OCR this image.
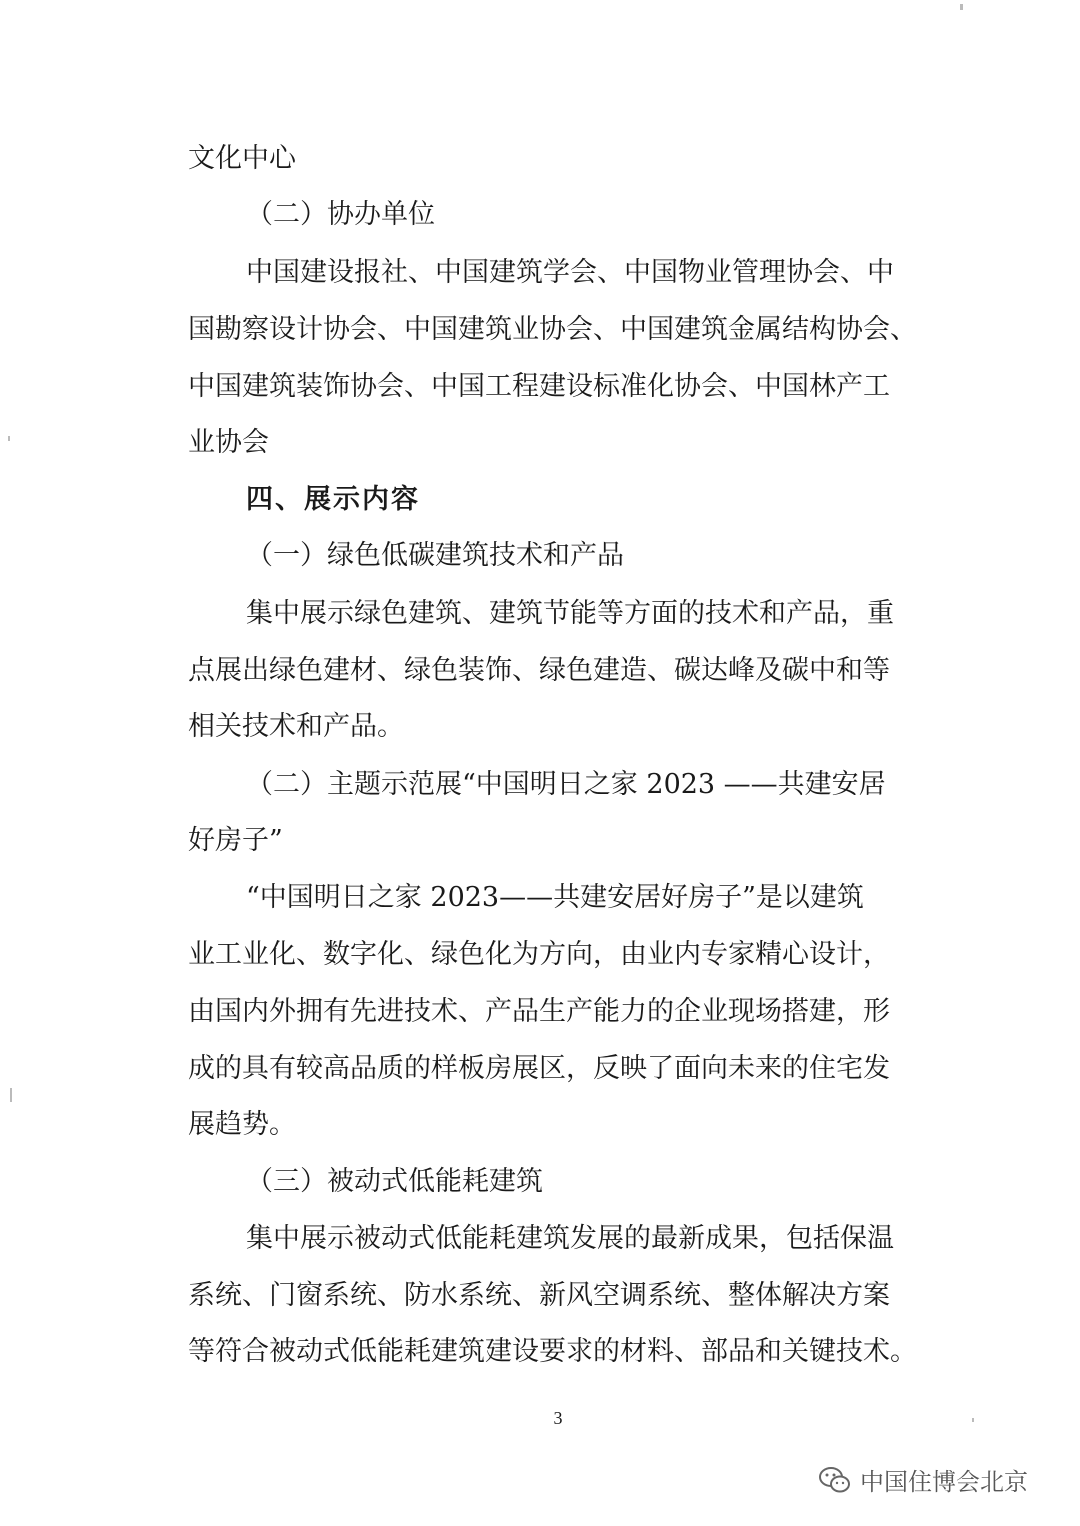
文化中心
（二）协办单位
中国建设报社、中国建筑学会、中国物业管理协会、中
国勘察设计协会、中国建筑业协会、中国建筑金属结构协会、
中国建筑装饰协会、中国工程建设标准化协会、中国林产工
业协会
四、展示内容
（一）绿色低碳建筑技术和产品
集中展示绿色建筑、建筑节能等方面的技术和产品，重
点展出绿色建材、绿色装饰、绿色建造、碳达峰及碳中和等
相关技术和产品。
（二）主题示范展“中国明日之家 2023 ——共建安居
好房子”
“中国明日之家 2023——共建安居好房子”是以建筑
业工业化、数字化、绿色化为方向，由业内专家精心设计，
由国内外拥有先进技术、产品生产能力的企业现场搭建，形
成的具有较高品质的样板房展区，反映了面向未来的住宅发
展趋势。
（三）被动式低能耗建筑
集中展示被动式低能耗建筑发展的最新成果，包括保温
系统、门窗系统、防水系统、新风空调系统、整体解决方案
等符合被动式低能耗建筑建设要求的材料、部品和关键技术。
3
中国住博会北京
